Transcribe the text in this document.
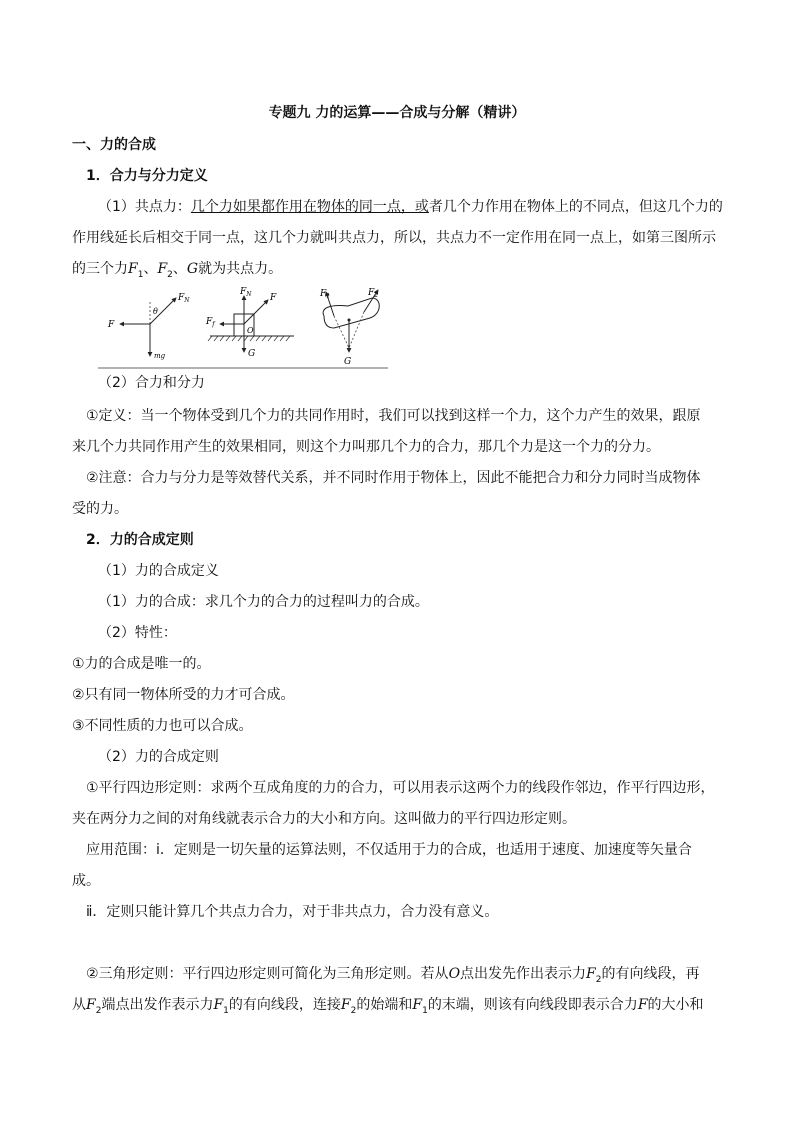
专题九 力的运算——合成与分解（精讲）
一、力的合成
1．合力与分力定义
（1）共点力：几个力如果都作用在物体的同一点，或者几个力作用在物体上的不同点，但这几个力的
作用线延长后相交于同一点，这几个力就叫共点力，所以，共点力不一定作用在同一点上，如第三图所示
的三个力$F_1$、$F_2$、G就为共点力。
$F_N$
θ
F
mg
$F_N$ F
$F_f$
O
G
$F_1$	$F_2$
G
（2）合力和分力
①定义：当一个物体受到几个力的共同作用时，我们可以找到这样一个力，这个力产生的效果，跟原
来几个力共同作用产生的效果相同，则这个力叫那几个力的合力，那几个力是这一个力的分力。
②注意：合力与分力是等效替代关系，并不同时作用于物体上，因此不能把合力和分力同时当成物体
受的力。
2．力的合成定则
（1）力的合成定义
（1）力的合成：求几个力的合力的过程叫力的合成。
（2）特性：
①力的合成是唯一的。
②只有同一物体所受的力才可合成。
③不同性质的力也可以合成。
（2）力的合成定则
①平行四边形定则：求两个互成角度的力的合力，可以用表示这两个力的线段作邻边，作平行四边形，
夹在两分力之间的对角线就表示合力的大小和方向。这叫做力的平行四边形定则。
应用范围：ⅰ．定则是一切矢量的运算法则，不仅适用于力的合成，也适用于速度、加速度等矢量合
成。
ⅱ．定则只能计算几个共点力合力，对于非共点力，合力没有意义。
②三角形定则：平行四边形定则可简化为三角形定则。若从O点出发先作出表示力$F_2$的有向线段，再
从$F_2$端点出发作表示力$F_1$的有向线段，连接$F_2$的始端和$F_1$的末端，则该有向线段即表示合力F的大小和
